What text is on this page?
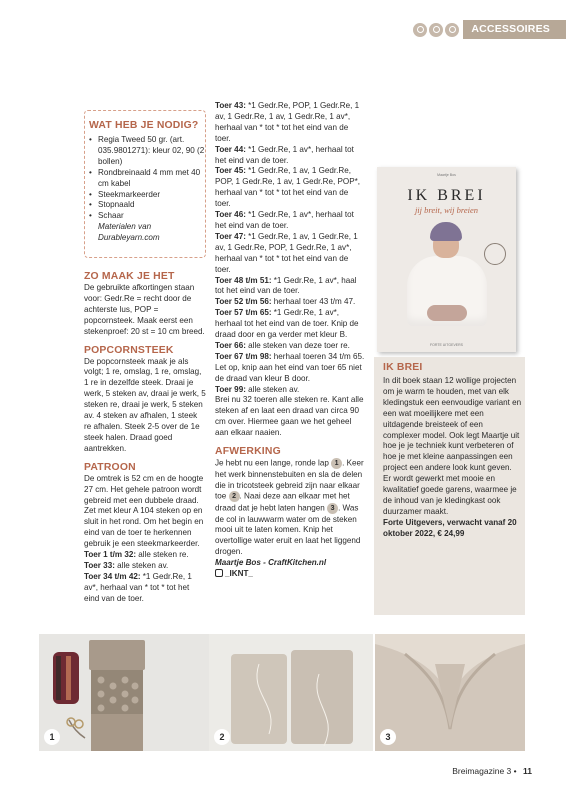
ACCESSOIRES
WAT HEB JE NODIG?
• Regia Tweed 50 gr. (art. 035.9801271): kleur 02, 90 (2 bollen)
• Rondbreinaald 4 mm met 40 cm kabel
• Steekmarkeerder
• Stopnaald
• Schaar
Materialen van
Durableyarn.com

ZO MAAK JE HET

De gebruikte afkortingen staan voor: Gedr.Re = recht door de achterste lus, POP = popcornsteek. Maak eerst een stekenproef: 20 st = 10 cm breed.

POPCORNSTEEK

De popcornsteek maak je als volgt; 1 re, omslag, 1 re, omslag, 1 re in dezelfde steek. Draai je werk, 5 steken av, draai je werk, 5 steken re, draai je werk, 5 steken av. 4 steken av afhalen, 1 steek re afhalen. Steek 2-5 over de 1e steek halen. Draad goed aantrekken.

PATROON

De omtrek is 52 cm en de hoogte 27 cm. Het gehele patroon wordt gebreid met een dubbele draad.

Zet met kleur A 104 steken op en sluit in het rond. Om het begin en eind van de toer te herkennen gebruik je een steekmarkeerder.

Toer 1 t/m 32: alle steken re.

Toer 33: alle steken av.

Toer 34 t/m 42: *1 Gedr.Re, 1 av*, herhaal van * tot * tot het eind van de toer.

Toer 43: *1 Gedr.Re, POP, 1 Gedr.Re, 1 av, 1 Gedr.Re, 1 av, 1 Gedr.Re, 1 av*, herhaal van * tot * tot het eind van de toer.

Toer 44: *1 Gedr.Re, 1 av*, herhaal tot het eind van de toer.

Toer 45: *1 Gedr.Re, 1 av, 1 Gedr.Re, POP, 1 Gedr.Re, 1 av, 1 Gedr.Re, POP*, herhaal van * tot * tot het eind van de toer.

Toer 46: *1 Gedr.Re, 1 av*, herhaal tot het eind van de toer.

Toer 47: *1 Gedr.Re, 1 av, 1 Gedr.Re, 1 av, 1 Gedr.Re, POP, 1 Gedr.Re, 1 av*, herhaal van * tot * tot het eind van de toer.

Toer 48 t/m 51: *1 Gedr.Re, 1 av*, haal tot het eind van de toer.

Toer 52 t/m 56: herhaal toer 43 t/m 47.

Toer 57 t/m 65: *1 Gedr.Re, 1 av*, herhaal tot het eind van de toer. Knip de draad door en ga verder met kleur B.

Toer 66: alle steken van deze toer re.

Toer 67 t/m 98: herhaal toeren 34 t/m 65. Let op, knip aan het eind van toer 65 niet de draad van kleur B door.

Toer 99: alle steken av.

Brei nu 32 toeren alle steken re. Kant alle steken af en laat een draad van circa 90 cm over. Hiermee gaan we het geheel aan elkaar naaien.

AFWERKING

Je hebt nu een lange, ronde lap 1 . Keer het werk binnenstebuiten en sla de delen die in tricotsteek gebreid zijn naar elkaar toe 2 . Naai deze aan elkaar met het draad dat je hebt laten hangen 3 . Was de col in lauwwarm water om de steken mooi uit te laten komen. Knip het overtollige water eruit en laat het liggend drogen.

Maartje Bos - CraftKitchen.nl

_IKNT_

Maartje Bos
IK BREI
jij breit, wij breien
FORTE UITGEVERS
IK BREI

In dit boek staan 12 wollige projecten om je warm te houden, met van elk kledingstuk een eenvoudige variant en een wat moeilijkere met een uitdagende breisteek of een complexer model. Ook legt Maartje uit hoe je je techniek kunt verbeteren of hoe je met kleine aanpassingen een project een andere look kunt geven. Er wordt gewerkt met mooie en kwalitatief goede garens, waarmee je de inhoud van je kledingkast ook duurzamer maakt.

Forte Uitgevers, verwacht vanaf 20 oktober 2022, € 24,99

1	2	3
Breimagazine 3 • 11
